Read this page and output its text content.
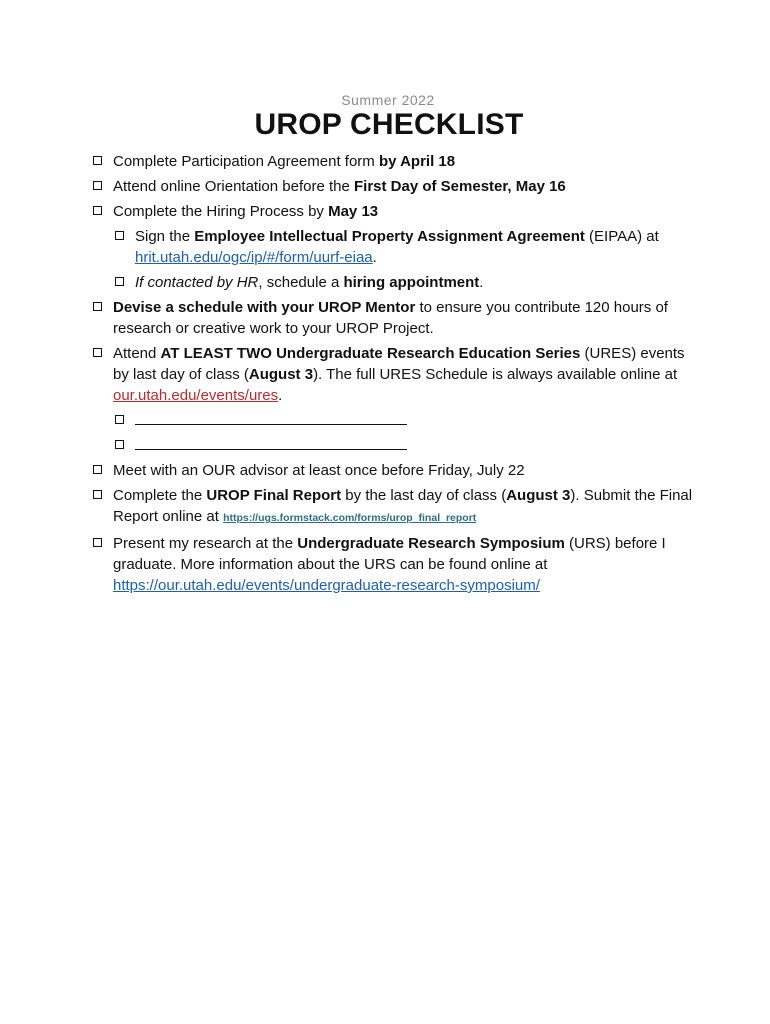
Summer 2022
UROP CHECKLIST
Complete Participation Agreement form by April 18
Attend online Orientation before the First Day of Semester, May 16
Complete the Hiring Process by May 13
Sign the Employee Intellectual Property Assignment Agreement (EIPAA) at hrit.utah.edu/ogc/ip/#/form/uurf-eiaa.
If contacted by HR, schedule a hiring appointment.
Devise a schedule with your UROP Mentor to ensure you contribute 120 hours of research or creative work to your UROP Project.
Attend AT LEAST TWO Undergraduate Research Education Series (URES) events by last day of class (August 3). The full URES Schedule is always available online at our.utah.edu/events/ures.
Meet with an OUR advisor at least once before Friday, July 22
Complete the UROP Final Report by the last day of class (August 3). Submit the Final Report online at https://ugs.formstack.com/forms/urop_final_report
Present my research at the Undergraduate Research Symposium (URS) before I graduate. More information about the URS can be found online at https://our.utah.edu/events/undergraduate-research-symposium/
